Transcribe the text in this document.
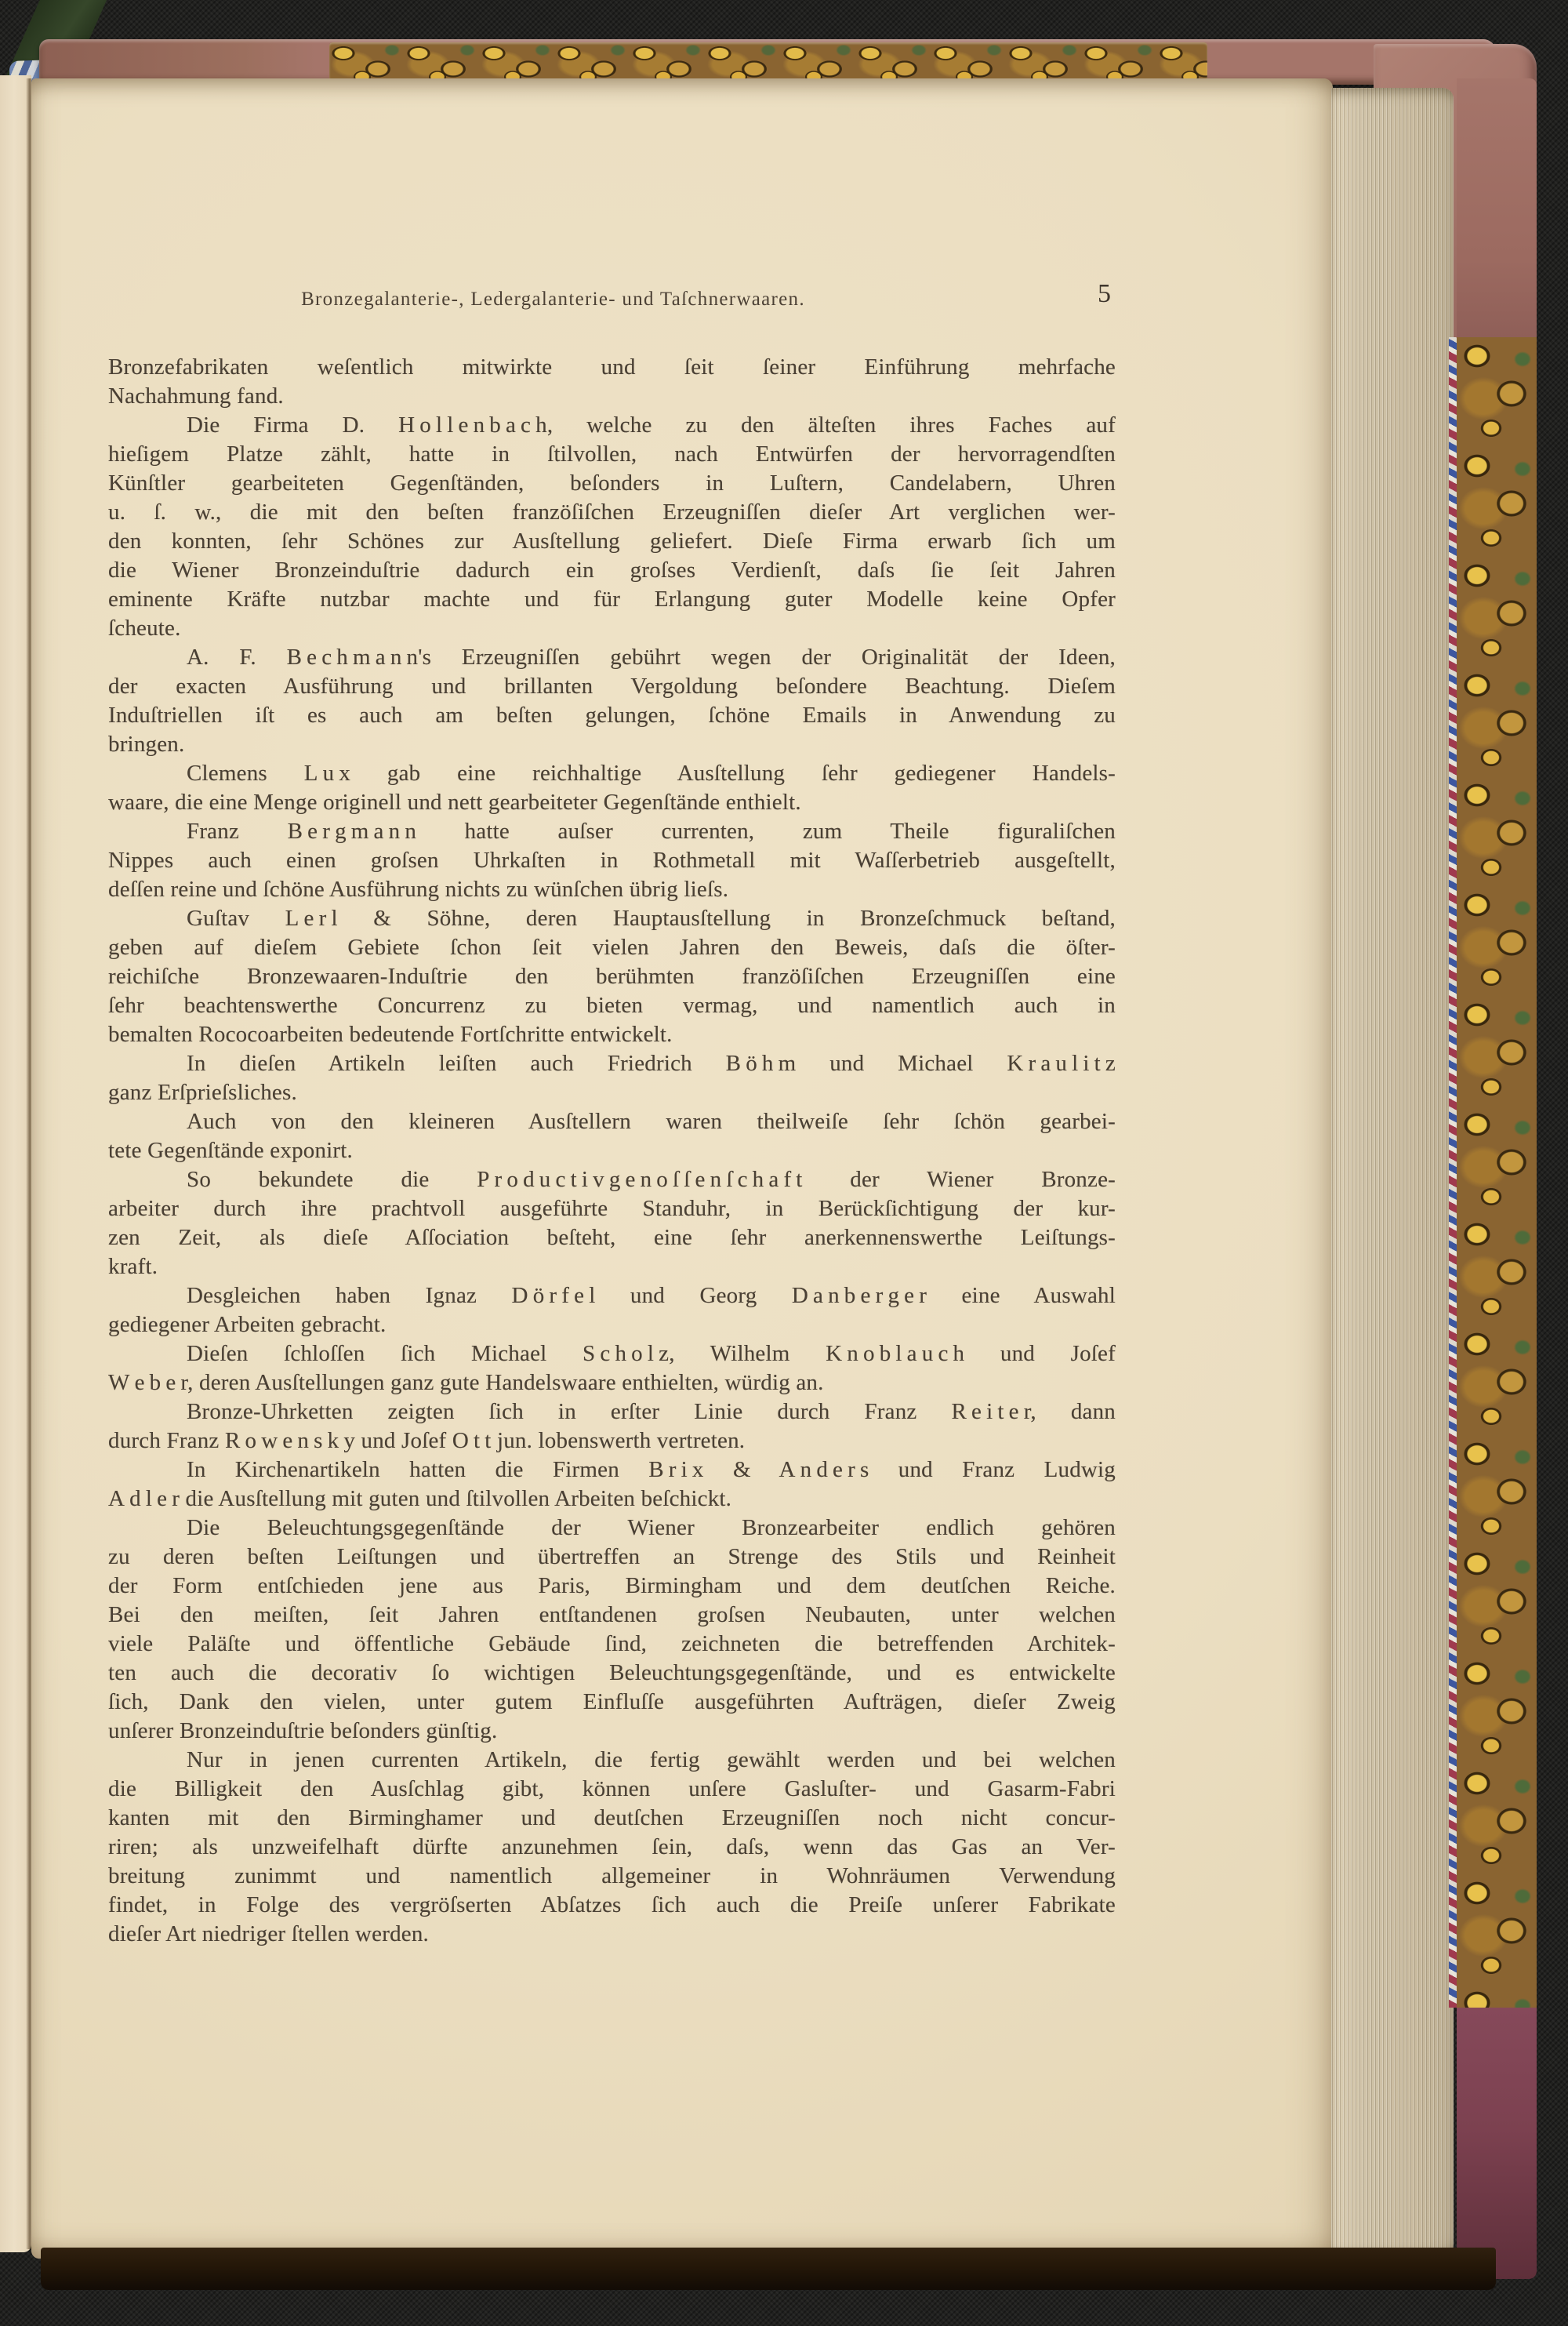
Bronzegalanterie-, Ledergalanterie- und Taſchnerwaaren.	5
Bronzefabrikaten weſentlich mitwirkte und ſeit ſeiner Einführung mehrfache
Nachahmung fand.
Die Firma D. H o l l e n b a c h, welche zu den älteſten ihres Faches auf
hieſigem Platze zählt, hatte in ſtilvollen, nach Entwürfen der hervorragendſten
Künſtler gearbeiteten Gegenſtänden, beſonders in Luſtern, Candelabern, Uhren
u. ſ. w., die mit den beſten franzöſiſchen Erzeugniſſen dieſer Art verglichen wer-
den konnten, ſehr Schönes zur Ausſtellung geliefert. Dieſe Firma erwarb ſich um
die Wiener Bronzeinduſtrie dadurch ein groſses Verdienſt, daſs ſie ſeit Jahren
eminente Kräfte nutzbar machte und für Erlangung guter Modelle keine Opfer
ſcheute.
A. F. B e c h m a n n's Erzeugniſſen gebührt wegen der Originalität der Ideen,
der exacten Ausführung und brillanten Vergoldung beſondere Beachtung. Dieſem
Induſtriellen iſt es auch am beſten gelungen, ſchöne Emails in Anwendung zu
bringen.
Clemens L u x gab eine reichhaltige Ausſtellung ſehr gediegener Handels-
waare, die eine Menge originell und nett gearbeiteter Gegenſtände enthielt.
Franz B e r g m a n n hatte auſser currenten, zum Theile figuraliſchen
Nippes auch einen groſsen Uhrkaſten in Rothmetall mit Waſſerbetrieb ausgeſtellt,
deſſen reine und ſchöne Ausführung nichts zu wünſchen übrig lieſs.
Guſtav L e r l & Söhne, deren Hauptausſtellung in Bronzeſchmuck beſtand,
geben auf dieſem Gebiete ſchon ſeit vielen Jahren den Beweis, daſs die öſter-
reichiſche Bronzewaaren-Induſtrie den berühmten franzöſiſchen Erzeugniſſen eine
ſehr beachtenswerthe Concurrenz zu bieten vermag, und namentlich auch in
bemalten Rococoarbeiten bedeutende Fortſchritte entwickelt.
In dieſen Artikeln leiſten auch Friedrich B ö h m und Michael K r a u l i t z
ganz Erſprieſsliches.
Auch von den kleineren Ausſtellern waren theilweiſe ſehr ſchön gearbei-
tete Gegenſtände exponirt.
So bekundete die P r o d u c t i v g e n o ſ ſ e n ſ c h a f t der Wiener Bronze-
arbeiter durch ihre prachtvoll ausgeführte Standuhr, in Berückſichtigung der kur-
zen Zeit, als dieſe Aſſociation beſteht, eine ſehr anerkennenswerthe Leiſtungs-
kraft.
Desgleichen haben Ignaz D ö r f e l und Georg D a n b e r g e r eine Auswahl
gediegener Arbeiten gebracht.
Dieſen ſchloſſen ſich Michael S c h o l z, Wilhelm K n o b l a u c h und Joſef
W e b e r, deren Ausſtellungen ganz gute Handelswaare enthielten, würdig an.
Bronze-Uhrketten zeigten ſich in erſter Linie durch Franz R e i t e r, dann
durch Franz R o w e n s k y und Joſef O t t jun. lobenswerth vertreten.
In Kirchenartikeln hatten die Firmen B r i x & A n d e r s und Franz Ludwig
A d l e r die Ausſtellung mit guten und ſtilvollen Arbeiten beſchickt.
Die Beleuchtungsgegenſtände der Wiener Bronzearbeiter endlich gehören
zu deren beſten Leiſtungen und übertreffen an Strenge des Stils und Reinheit
der Form entſchieden jene aus Paris, Birmingham und dem deutſchen Reiche.
Bei den meiſten, ſeit Jahren entſtandenen groſsen Neubauten, unter welchen
viele Paläſte und öffentliche Gebäude ſind, zeichneten die betreffenden Architek-
ten auch die decorativ ſo wichtigen Beleuchtungsgegenſtände, und es entwickelte
ſich, Dank den vielen, unter gutem Einfluſſe ausgeführten Aufträgen, dieſer Zweig
unſerer Bronzeinduſtrie beſonders günſtig.
Nur in jenen currenten Artikeln, die fertig gewählt werden und bei welchen
die Billigkeit den Ausſchlag gibt, können unſere Gasluſter- und Gasarm-Fabri
kanten mit den Birminghamer und deutſchen Erzeugniſſen noch nicht concur-
riren; als unzweifelhaft dürfte anzunehmen ſein, daſs, wenn das Gas an Ver-
breitung zunimmt und namentlich allgemeiner in Wohnräumen Verwendung
findet, in Folge des vergröſserten Abſatzes ſich auch die Preiſe unſerer Fabrikate
dieſer Art niedriger ſtellen werden.
